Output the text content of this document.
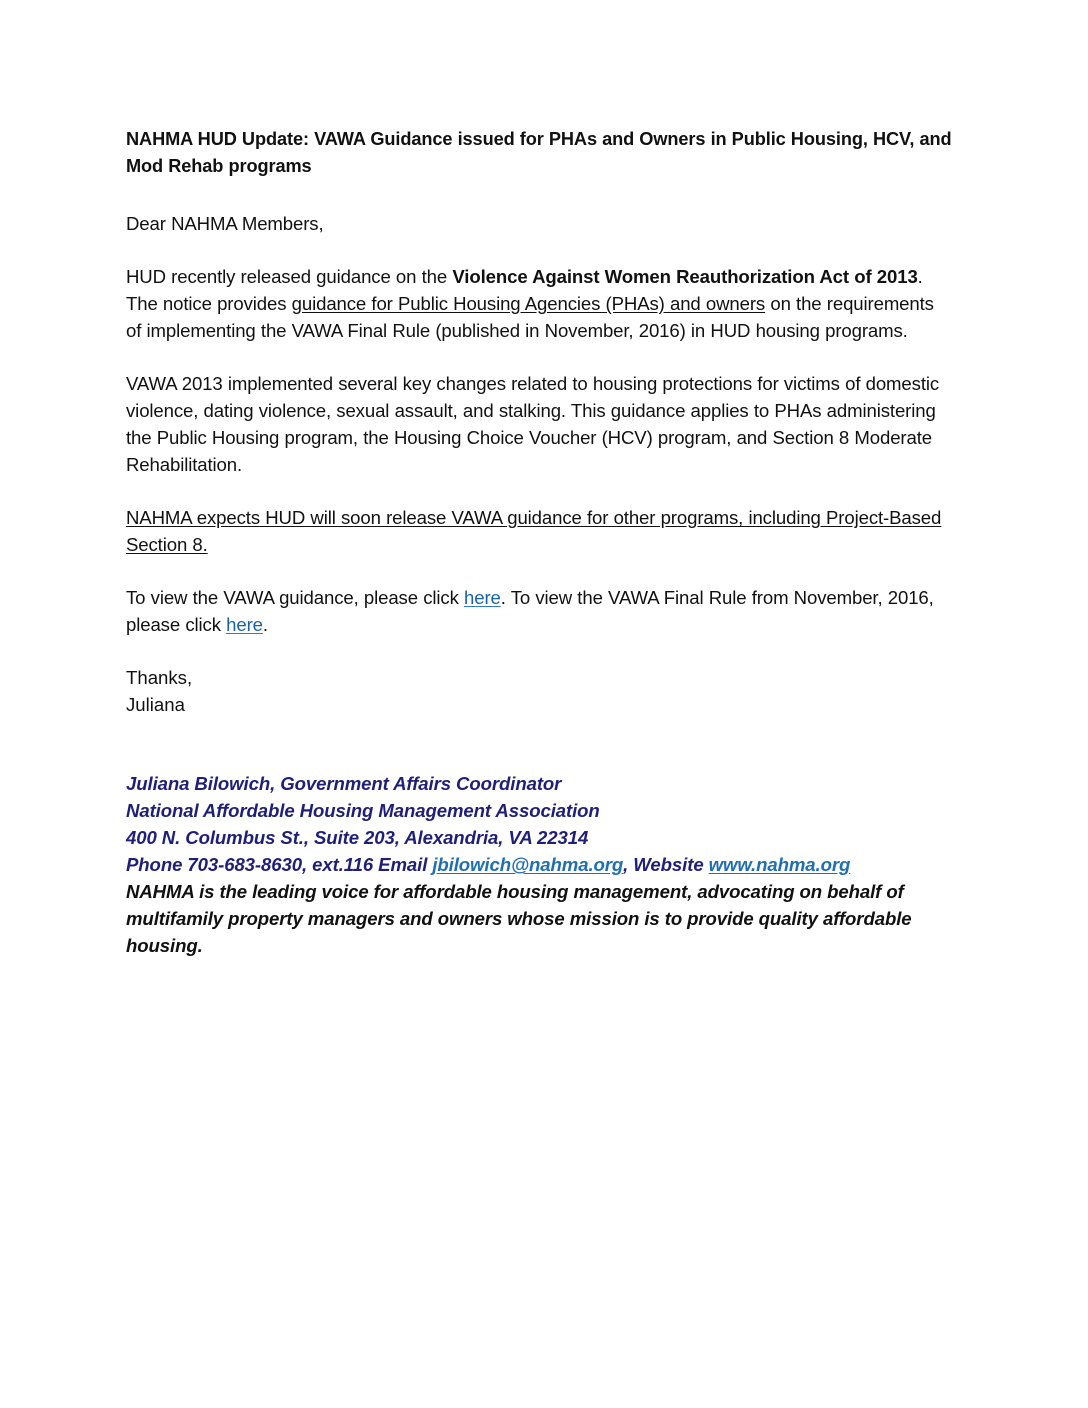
NAHMA HUD Update: VAWA Guidance issued for PHAs and Owners in Public Housing, HCV, and Mod Rehab programs
Dear NAHMA Members,
HUD recently released guidance on the Violence Against Women Reauthorization Act of 2013. The notice provides guidance for Public Housing Agencies (PHAs) and owners on the requirements of implementing the VAWA Final Rule (published in November, 2016) in HUD housing programs.
VAWA 2013 implemented several key changes related to housing protections for victims of domestic violence, dating violence, sexual assault, and stalking. This guidance applies to PHAs administering the Public Housing program, the Housing Choice Voucher (HCV) program, and Section 8 Moderate Rehabilitation.
NAHMA expects HUD will soon release VAWA guidance for other programs, including Project-Based Section 8.
To view the VAWA guidance, please click here. To view the VAWA Final Rule from November, 2016, please click here.
Thanks,
Juliana
Juliana Bilowich, Government Affairs Coordinator
National Affordable Housing Management Association
400 N. Columbus St., Suite 203, Alexandria, VA 22314
Phone 703-683-8630, ext.116 Email jbilowich@nahma.org, Website www.nahma.org
NAHMA is the leading voice for affordable housing management, advocating on behalf of multifamily property managers and owners whose mission is to provide quality affordable housing.
